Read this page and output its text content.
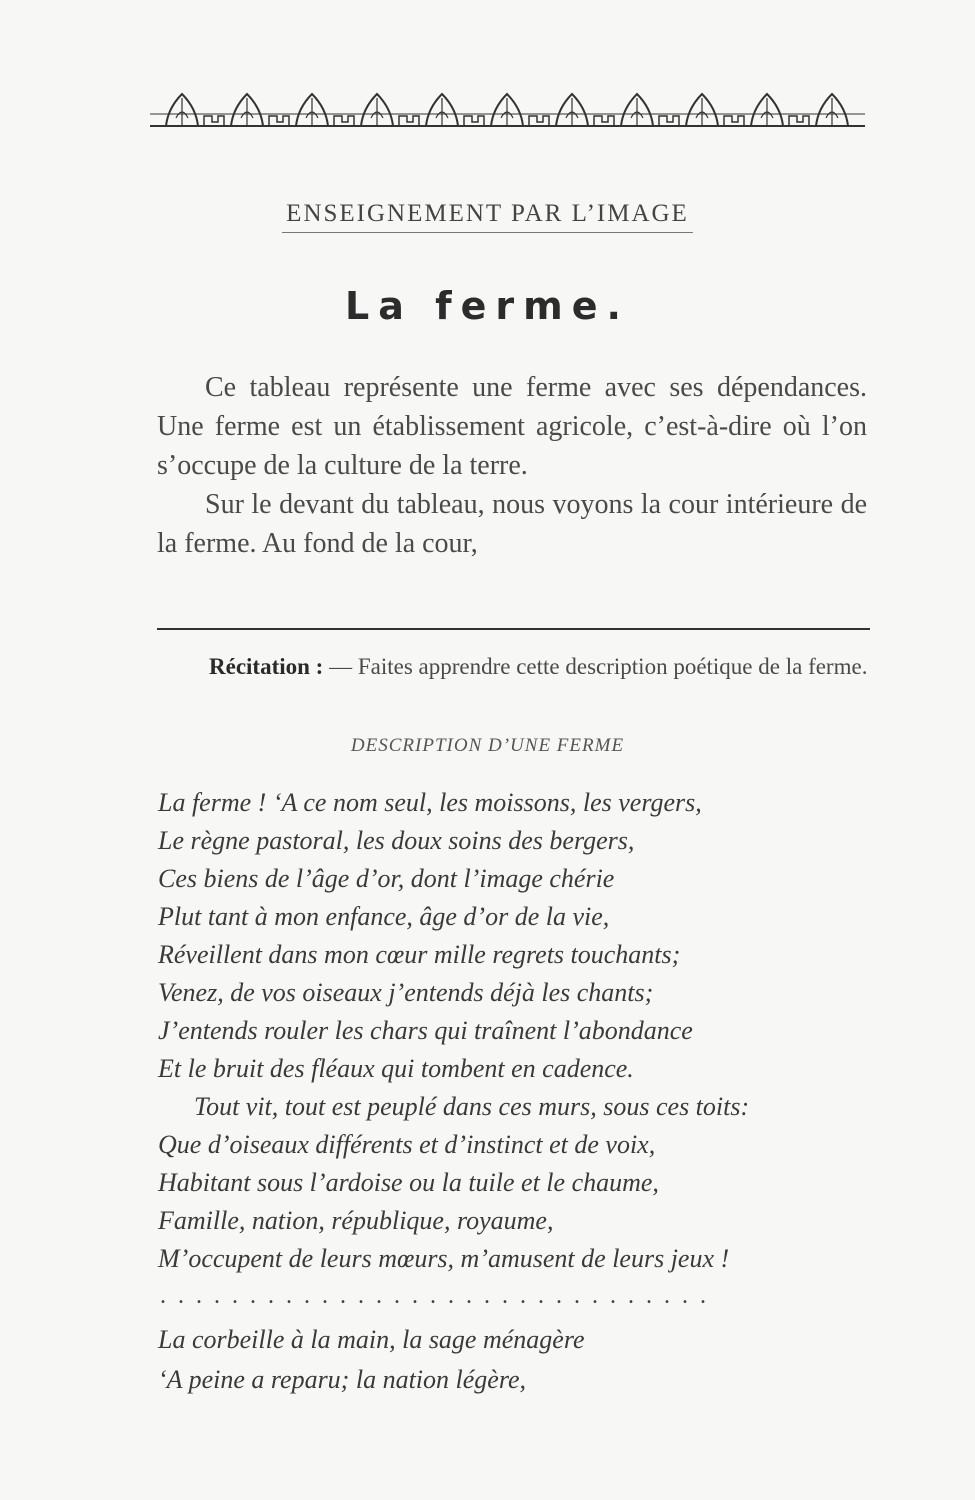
ENSEIGNEMENT PAR L’IMAGE
La ferme.

Ce tableau représente une ferme avec ses dépendances. Une ferme est un établissement agricole, c’est-à-dire où l’on s’occupe de la culture de la terre.

Sur le devant du tableau, nous voyons la cour intérieure de la ferme. Au fond de la cour,

Récitation : — Faites apprendre cette description poétique de la ferme.
DESCRIPTION D’UNE FERME
La ferme ! ‘A ce nom seul, les moissons, les vergers,
Le règne pastoral, les doux soins des bergers,
Ces biens de l’âge d’or, dont l’image chérie
Plut tant à mon enfance, âge d’or de la vie,
Réveillent dans mon cœur mille regrets touchants;
Venez, de vos oiseaux j’entends déjà les chants;
J’entends rouler les chars qui traînent l’abondance
Et le bruit des fléaux qui tombent en cadence.
Tout vit, tout est peuplé dans ces murs, sous ces toits:
Que d’oiseaux différents et d’instinct et de voix,
Habitant sous l’ardoise ou la tuile et le chaume,
Famille, nation, république, royaume,
M’occupent de leurs mœurs, m’amusent de leurs jeux !
...............................
La corbeille à la main, la sage ménagère
‘A peine a reparu; la nation légère,
